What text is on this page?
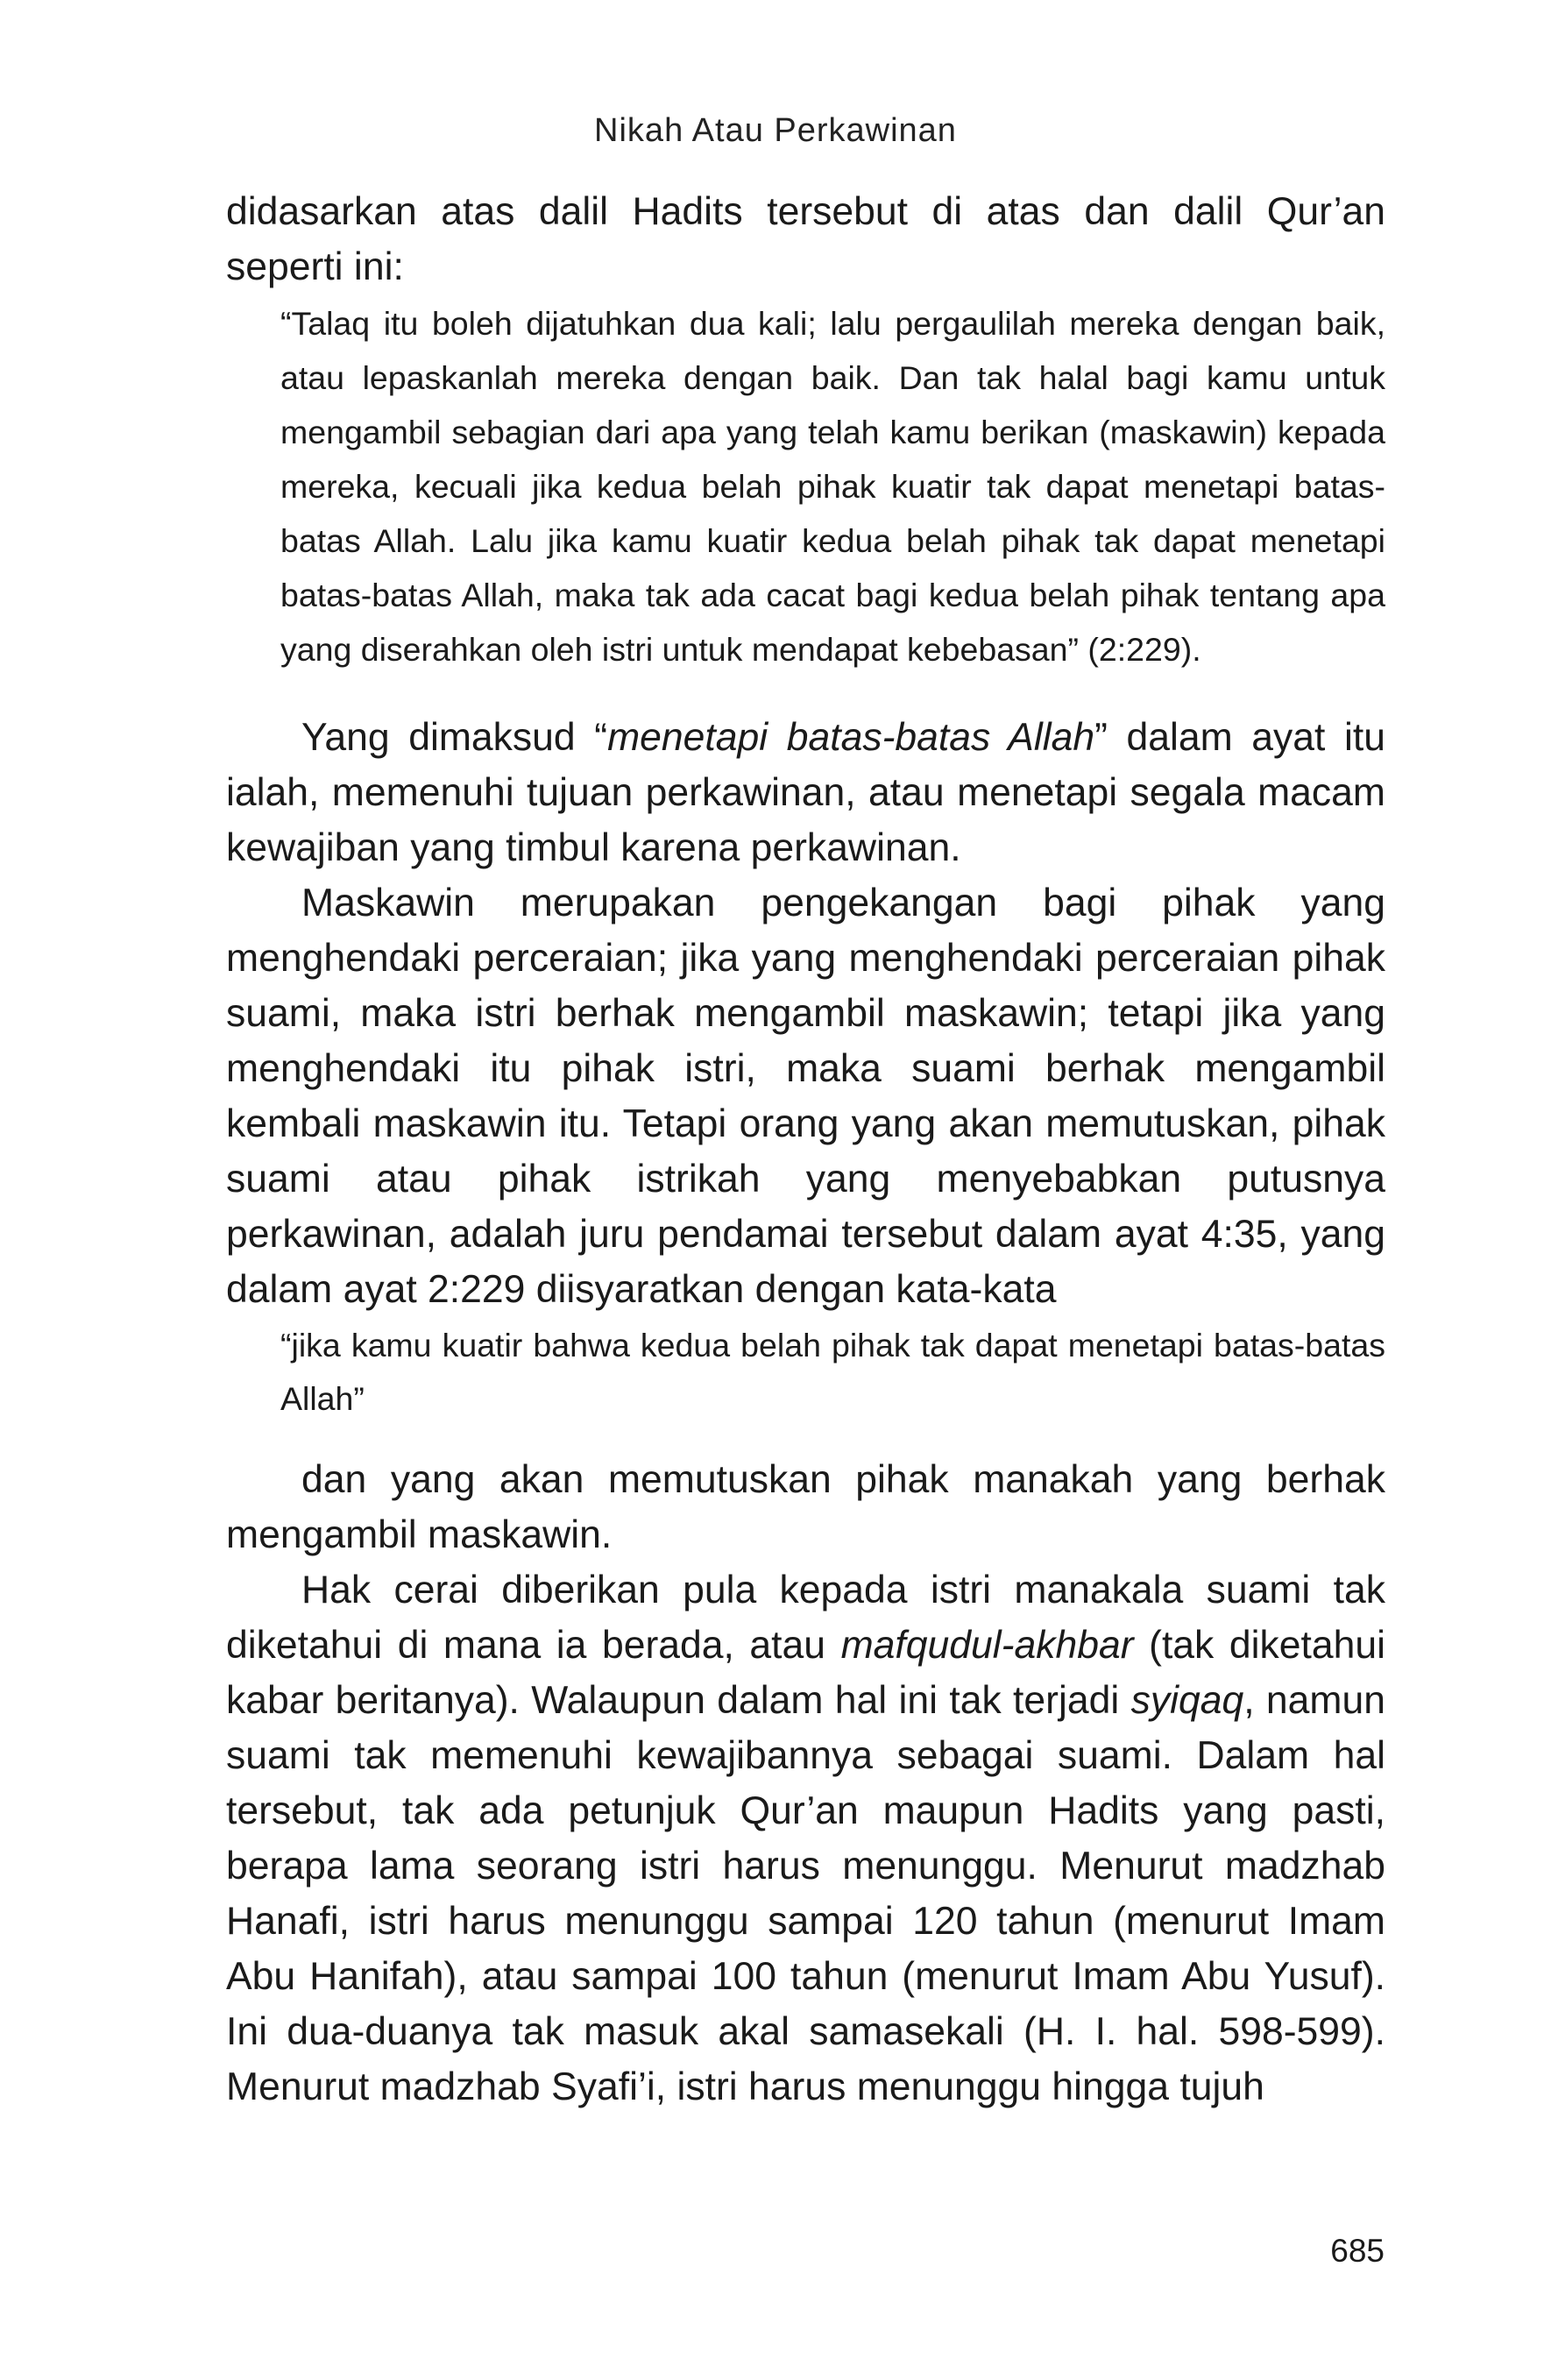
Nikah Atau Perkawinan

didasarkan atas dalil Hadits tersebut di atas dan dalil Qur’an seperti ini:

“Talaq itu boleh dijatuhkan dua kali; lalu pergaulilah mereka dengan baik, atau lepaskanlah mereka dengan baik. Dan tak halal bagi kamu untuk mengambil sebagian dari apa yang telah kamu berikan (maskawin) kepada mereka, kecuali jika kedua belah pihak kuatir tak dapat menetapi batas-batas Allah. Lalu jika kamu kuatir kedua belah pihak tak dapat menetapi batas-batas Allah, maka tak ada cacat bagi kedua belah pihak tentang apa yang diserahkan oleh istri untuk mendapat kebebasan” (2:229).

Yang dimaksud “menetapi batas-batas Allah” dalam ayat itu ialah, memenuhi tujuan perkawinan, atau menetapi segala macam kewajiban yang timbul karena perkawinan.

Maskawin merupakan pengekangan bagi pihak yang menghendaki perceraian; jika yang menghendaki perceraian pihak suami, maka istri berhak mengambil maskawin; tetapi jika yang menghendaki itu pihak istri, maka suami berhak mengambil kembali maskawin itu. Tetapi orang yang akan memutuskan, pihak suami atau pihak istrikah yang menyebabkan putusnya perkawinan, adalah juru pendamai tersebut dalam ayat 4:35, yang dalam ayat 2:229 diisyaratkan dengan kata-kata

“jika kamu kuatir bahwa kedua belah pihak tak dapat menetapi batas-batas Allah”

dan yang akan memutuskan pihak manakah yang berhak mengambil maskawin.

Hak cerai diberikan pula kepada istri manakala suami tak diketahui di mana ia berada, atau mafqudul-akhbar (tak diketahui kabar beritanya). Walaupun dalam hal ini tak terjadi syiqaq, namun suami tak memenuhi kewajibannya sebagai suami. Dalam hal tersebut, tak ada petunjuk Qur’an maupun Hadits yang pasti, berapa lama seorang istri harus menunggu. Menurut madzhab Hanafi, istri harus menunggu sampai 120 tahun (menurut Imam Abu Hanifah), atau sampai 100 tahun (menurut Imam Abu Yusuf). Ini dua-duanya tak masuk akal samasekali (H. I. hal. 598-599). Menurut madzhab Syafi’i, istri harus menunggu hingga tujuh

685
